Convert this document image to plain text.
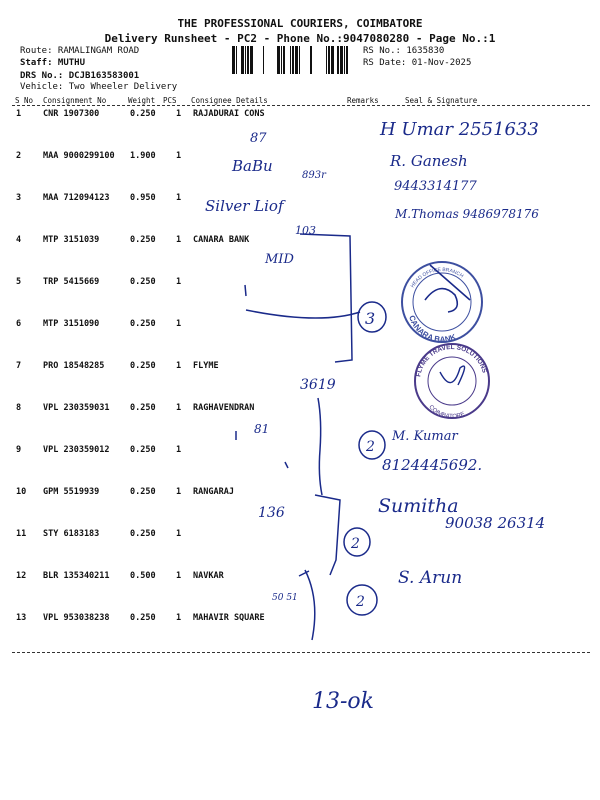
THE PROFESSIONAL COURIERS, COIMBATORE
Delivery Runsheet - PC2 - Phone No.:9047080280 - Page No.:1
Route: RAMALINGAM ROAD
Staff: MUTHU
DRS No.: DCJB163583001
Vehicle: Two Wheeler Delivery
RS No.: 1635830
RS Date: 01-Nov-2025
S No Consignment No	Weight PCS Consignee Details	Remarks	Seal & Signature
1	CNR 1907300	0.250 1 RAJADURAI CONS
2	MAA 9000299100 1.900 1
3	MAA 712094123 0.950 1
4	MTP 3151039	0.250 1 CANARA BANK
5	TRP 5415669	0.250 1
6	MTP 3151090	0.250 1
7	PRO 18548285	0.250 1 FLYME
8	VPL 230359031 0.250 1 RAGHAVENDRAN
9	VPL 230359012 0.250 1
10 GPM 5519939	0.250 1 RANGARAJ
11 STY 6183183	0.250 1
12 BLR 135340211 0.500 1 NAVKAR
13 VPL 953038238 0.250 1 MAHAVIR SQUARE
CANARA BANK
HEAD OFFICE BRANCH
FLYME TRAVEL SOLUTIONS
COIMBATORE
H Umar 2551633
87
BaBu
893r
R. Ganesh
9443314177
Silver Liof	M.Thomas 9486978176
103
MID
3619
81	M. Kumar
8124445692.
136	Sumitha
90038 26314
50 51
S. Arun
3
2
2
2
13-ok
